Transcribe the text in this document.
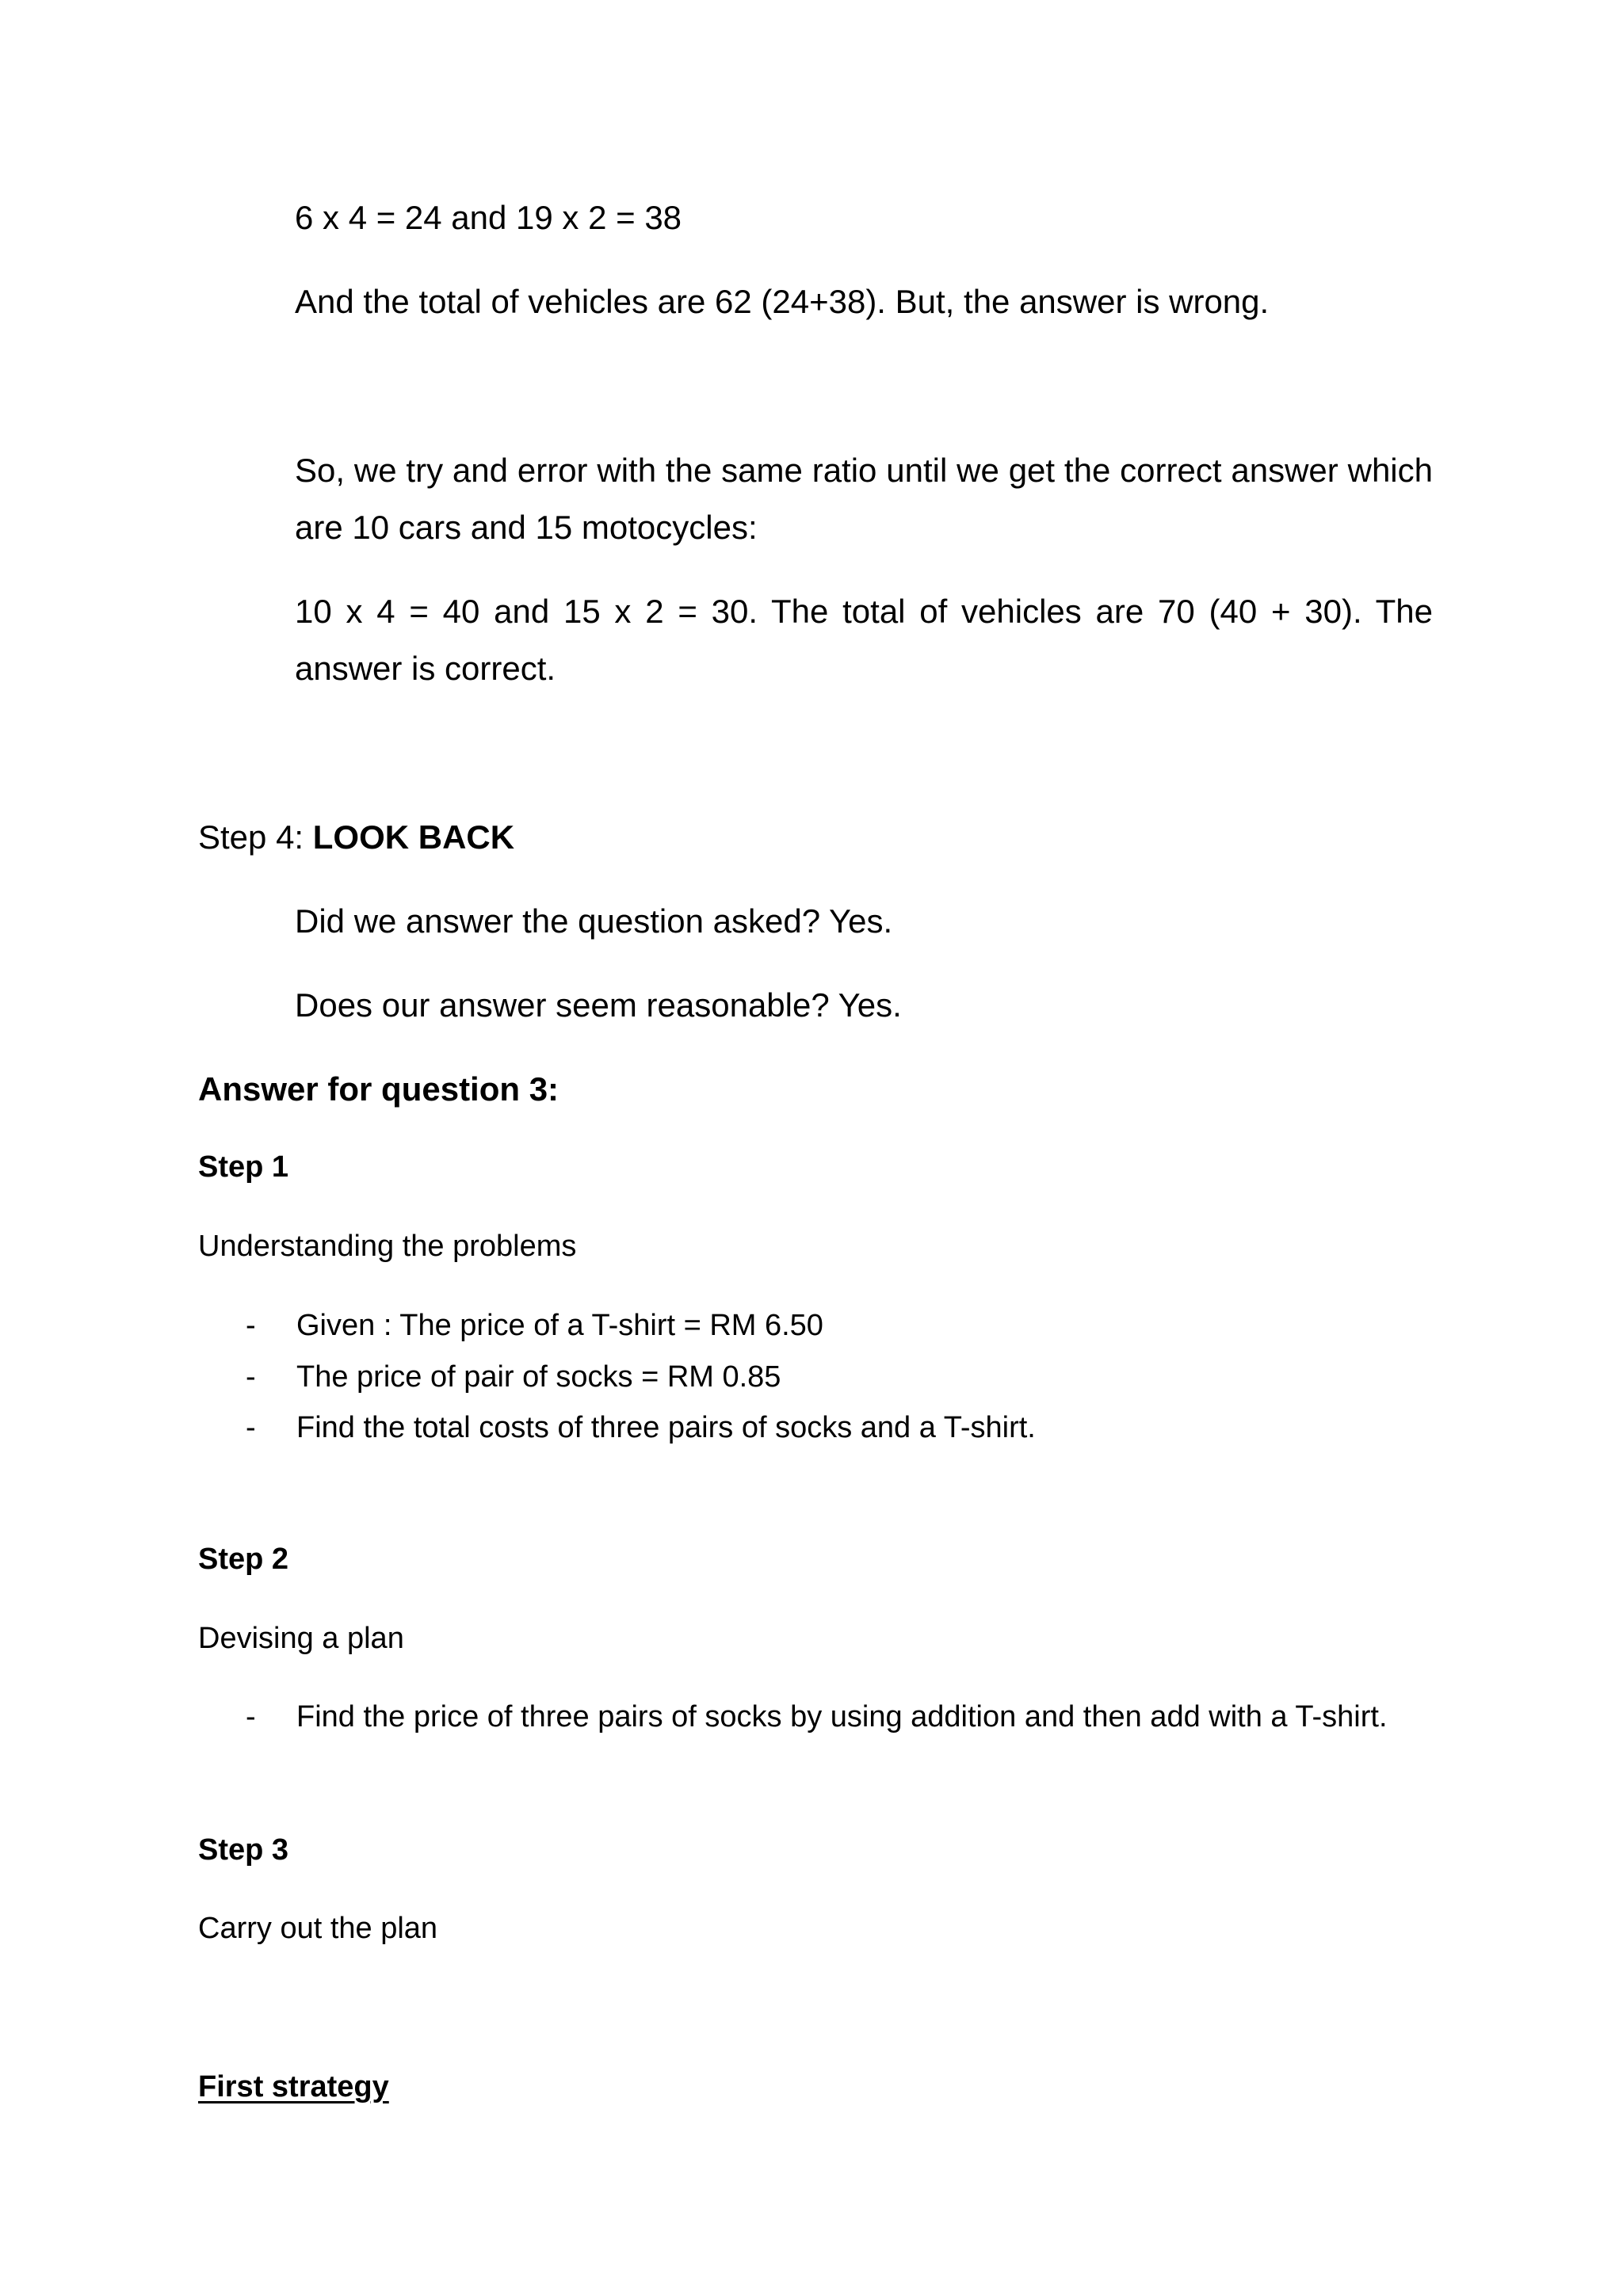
6 x 4 = 24 and 19 x 2 = 38
And the total of vehicles are 62 (24+38). But, the answer is wrong.
So, we try and error with the same ratio until we get the correct answer which
are 10 cars and 15 motocycles:
10 x 4 = 40 and 15 x 2 = 30. The total of vehicles are 70 (40 + 30). The
answer is correct.
Step 4: LOOK BACK
Did we answer the question asked? Yes.
Does our answer seem reasonable? Yes.
Answer for question 3:
Step 1
Understanding the problems
- Given : The price of a T-shirt = RM 6.50
- The price of pair of socks = RM 0.85
- Find the total costs of three pairs of socks and a T-shirt.
Step 2
Devising a plan
- Find the price of three pairs of socks by using addition and then add with a T-shirt.
Step 3
Carry out the plan
First strategy
